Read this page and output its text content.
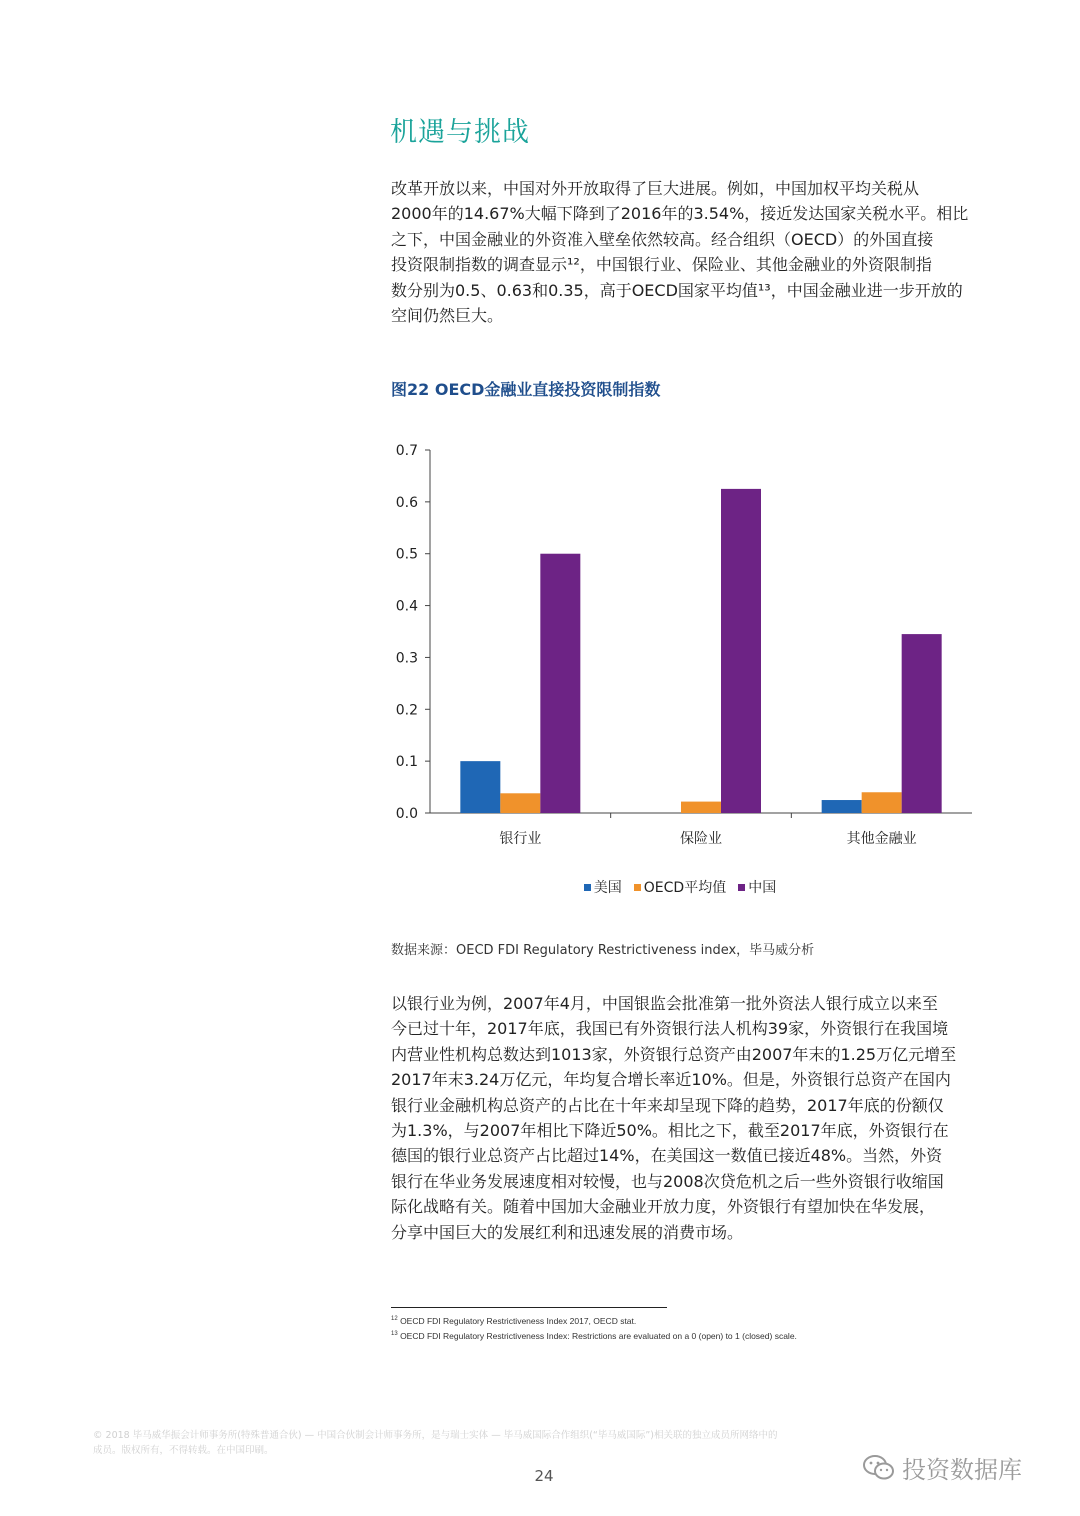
机遇与挑战
改革开放以来，中国对外开放取得了巨大进展。例如，中国加权平均关税从
2000年的14.67%大幅下降到了2016年的3.54%，接近发达国家关税水平。相比
之下，中国金融业的外资准入壁垒依然较高。经合组织（OECD）的外国直接
投资限制指数的调查显示¹²，中国银行业、保险业、其他金融业的外资限制指
数分别为0.5、0.63和0.35，高于OECD国家平均值¹³，中国金融业进一步开放的
空间仍然巨大。
图22 OECD金融业直接投资限制指数
0.0
0.1
0.2
0.3
0.4
0.5
0.6
0.7
银行业	保险业	其他金融业
美国 OECD平均值 中国
数据来源：OECD FDI Regulatory Restrictiveness index，毕马威分析
以银行业为例，2007年4月，中国银监会批准第一批外资法人银行成立以来至
今已过十年，2017年底，我国已有外资银行法人机构39家，外资银行在我国境
内营业性机构总数达到1013家，外资银行总资产由2007年末的1.25万亿元增至
2017年末3.24万亿元，年均复合增长率近10%。但是，外资银行总资产在国内
银行业金融机构总资产的占比在十年来却呈现下降的趋势，2017年底的份额仅
为1.3%，与2007年相比下降近50%。相比之下，截至2017年底，外资银行在
德国的银行业总资产占比超过14%，在美国这一数值已接近48%。当然，外资
银行在华业务发展速度相对较慢，也与2008次贷危机之后一些外资银行收缩国
际化战略有关。随着中国加大金融业开放力度，外资银行有望加快在华发展，
分享中国巨大的发展红利和迅速发展的消费市场。
$^{12}$ OECD FDI Regulatory Restrictiveness Index 2017, OECD stat.
$^{13}$ OECD FDI Regulatory Restrictiveness Index: Restrictions are evaluated on a 0 (open) to 1 (closed) scale.
© 2018 毕马威华振会计师事务所(特殊普通合伙) — 中国合伙制会计师事务所，是与瑞士实体 — 毕马威国际合作组织(“毕马威国际”)相关联的独立成员所网络中的
成员。版权所有，不得转载。在中国印刷。
24	投资数据库
